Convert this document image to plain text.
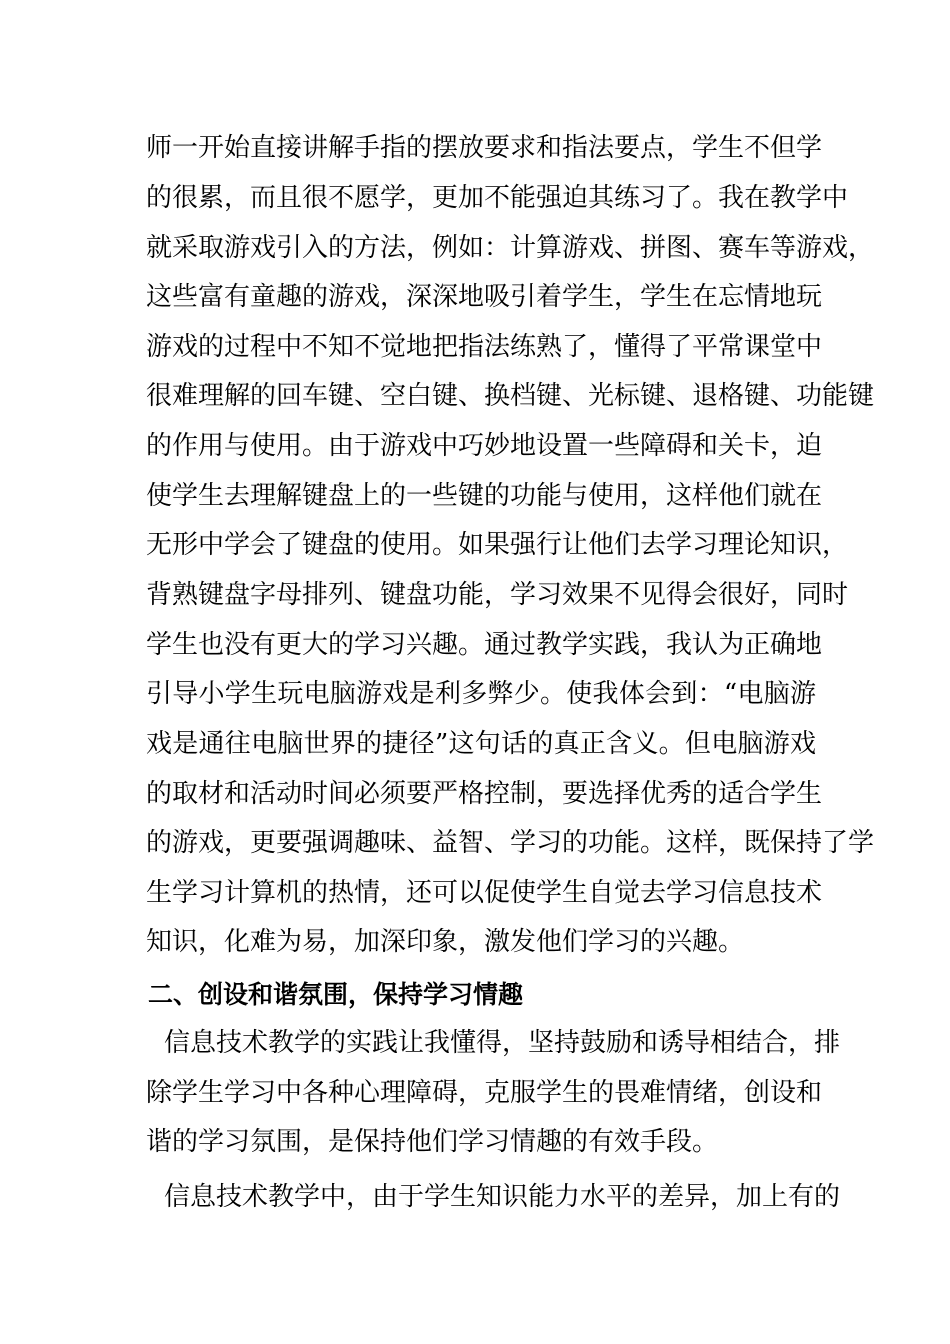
师一开始直接讲解手指的摆放要求和指法要点，学生不但学
的很累，而且很不愿学，更加不能强迫其练习了。我在教学中
就采取游戏引入的方法，例如：计算游戏、拼图、赛车等游戏，
这些富有童趣的游戏，深深地吸引着学生，学生在忘情地玩
游戏的过程中不知不觉地把指法练熟了，懂得了平常课堂中
很难理解的回车键、空白键、换档键、光标键、退格键、功能键
的作用与使用。由于游戏中巧妙地设置一些障碍和关卡，迫
使学生去理解键盘上的一些键的功能与使用，这样他们就在
无形中学会了键盘的使用。如果强行让他们去学习理论知识，
背熟键盘字母排列、键盘功能，学习效果不见得会很好，同时
学生也没有更大的学习兴趣。通过教学实践，我认为正确地
引导小学生玩电脑游戏是利多弊少。使我体会到：“电脑游
戏是通往电脑世界的捷径”这句话的真正含义。但电脑游戏
的取材和活动时间必须要严格控制，要选择优秀的适合学生
的游戏，更要强调趣味、益智、学习的功能。这样，既保持了学
生学习计算机的热情，还可以促使学生自觉去学习信息技术
知识，化难为易，加深印象，激发他们学习的兴趣。
二、创设和谐氛围，保持学习情趣
信息技术教学的实践让我懂得，坚持鼓励和诱导相结合，排
除学生学习中各种心理障碍，克服学生的畏难情绪，创设和
谐的学习氛围，是保持他们学习情趣的有效手段。
信息技术教学中，由于学生知识能力水平的差异，加上有的
